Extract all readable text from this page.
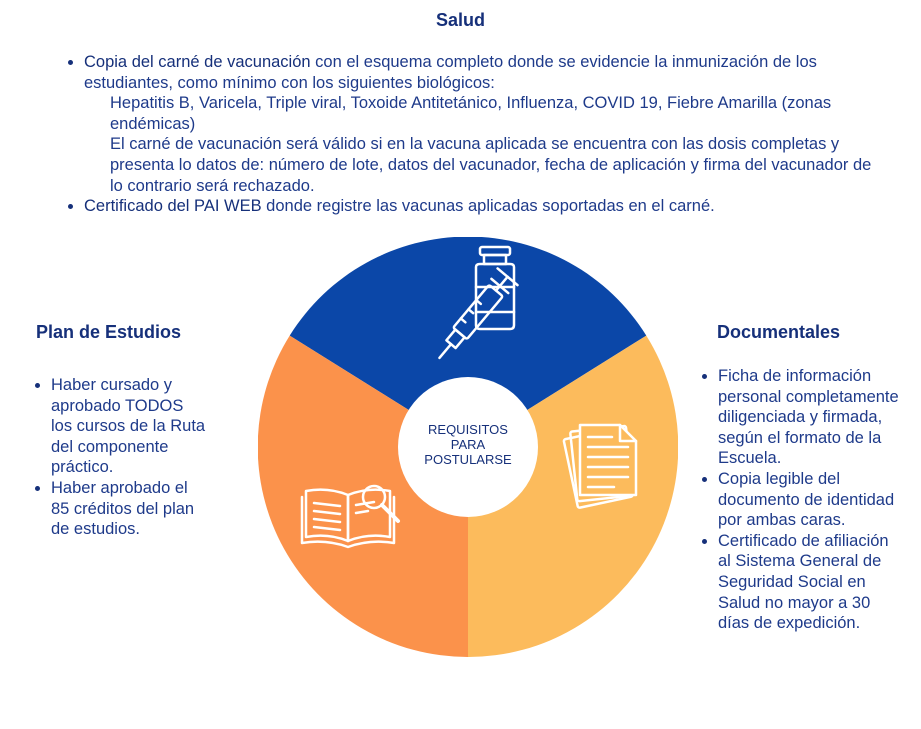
Salud
• Copia del carné de vacunación con el esquema completo donde se evidencie la inmunización de los estudiantes, como mínimo con los siguientes biológicos:
Hepatitis B, Varicela, Triple viral, Toxoide Antitetánico, Influenza, COVID 19, Fiebre Amarilla (zonas endémicas)
El carné de vacunación será válido si en la vacuna aplicada se encuentra con las dosis completas y presenta lo datos de: número de lote, datos del vacunador, fecha de aplicación y firma del vacunador de lo contrario será rechazado.
• Certificado del PAI WEB donde registre las vacunas aplicadas soportadas en el carné.
Plan de Estudios
• Haber cursado y aprobado TODOS los cursos de la Ruta del componente práctico.
• Haber aprobado el 85 créditos del plan de estudios.
Documentales
• Ficha de información personal completamente diligenciada y firmada, según el formato de la Escuela.
• Copia legible del documento de identidad por ambas caras.
• Certificado de afiliación al Sistema General de Seguridad Social en Salud no mayor a 30 días de expedición.
REQUISITOS
PARA
POSTULARSE
